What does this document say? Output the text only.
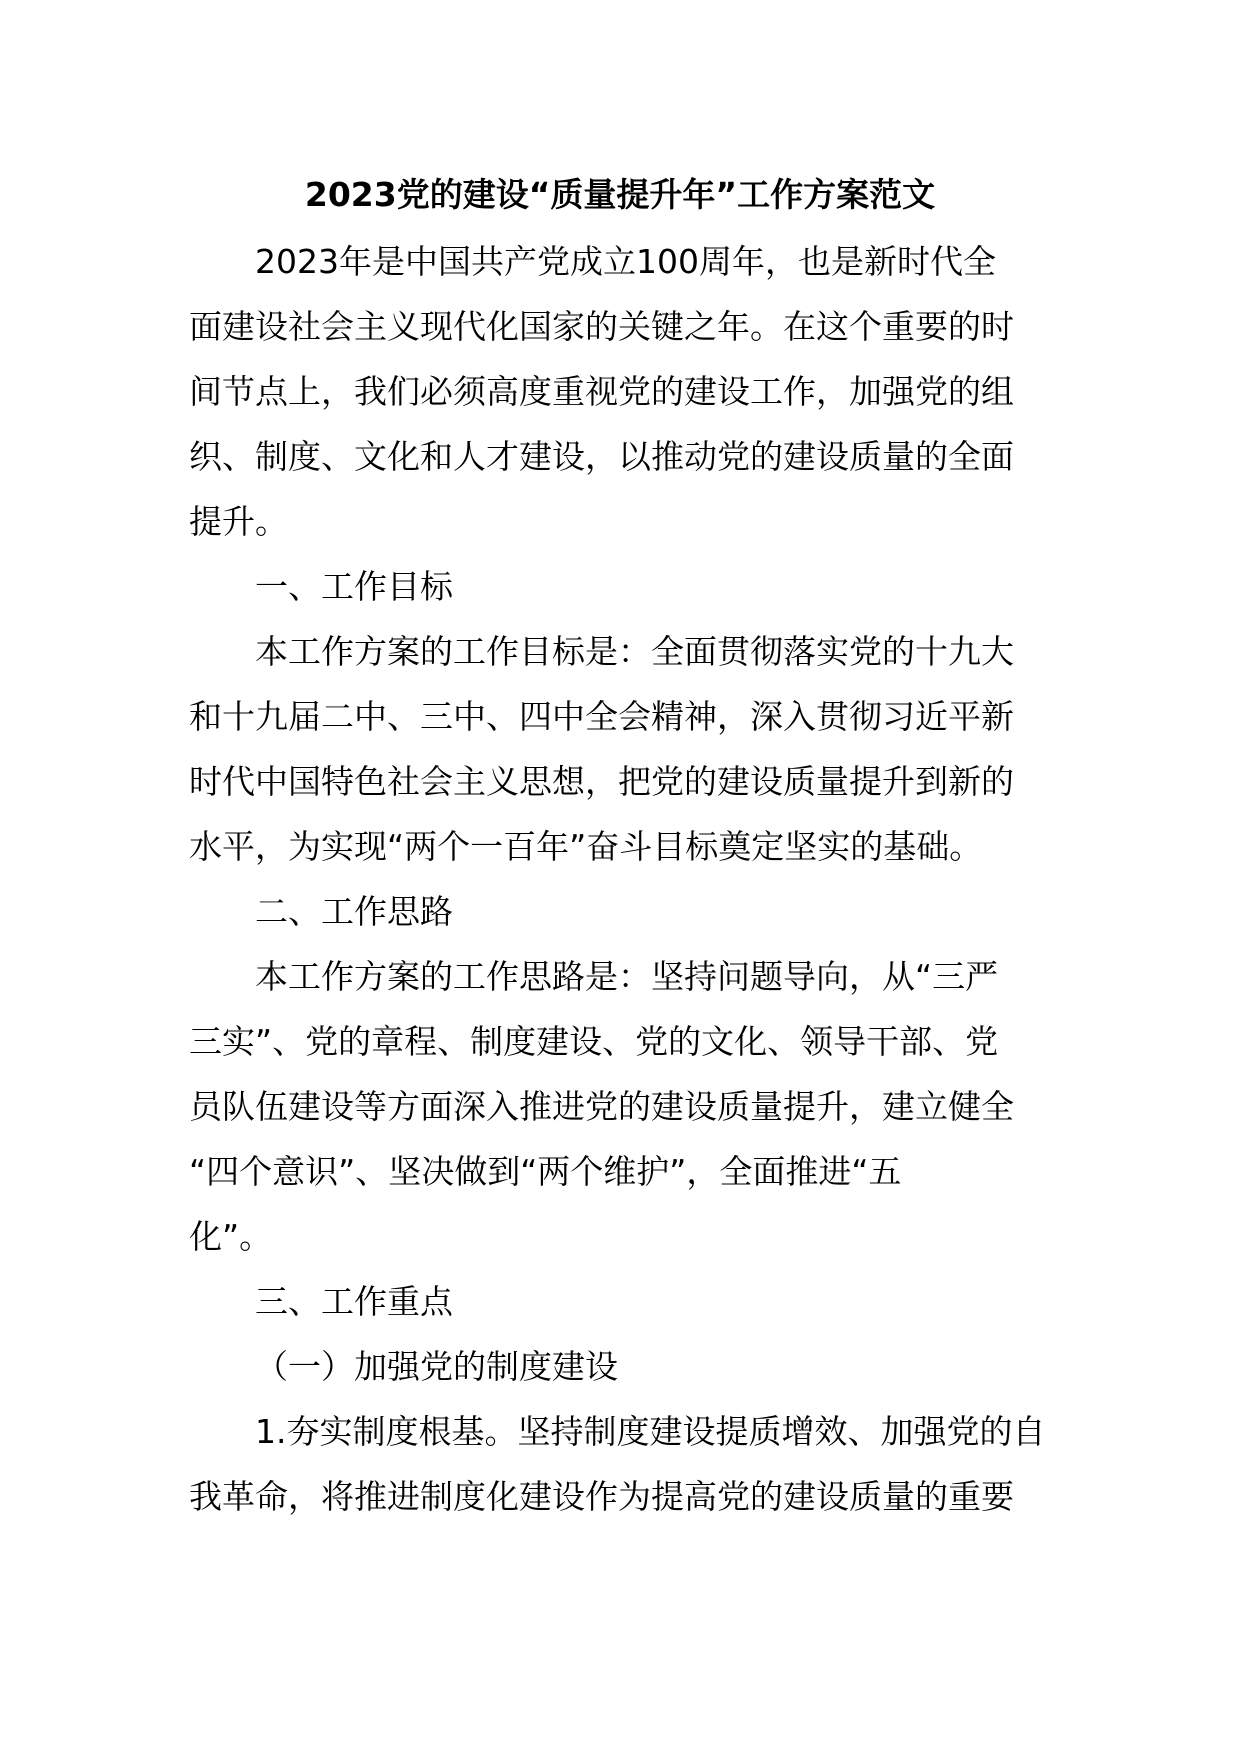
2023党的建设“质量提升年”工作方案范文
2023年是中国共产党成立100周年，也是新时代全
面建设社会主义现代化国家的关键之年。在这个重要的时
间节点上，我们必须高度重视党的建设工作，加强党的组
织、制度、文化和人才建设，以推动党的建设质量的全面
提升。
一、工作目标
本工作方案的工作目标是：全面贯彻落实党的十九大
和十九届二中、三中、四中全会精神，深入贯彻习近平新
时代中国特色社会主义思想，把党的建设质量提升到新的
水平，为实现“两个一百年”奋斗目标奠定坚实的基础。
二、工作思路
本工作方案的工作思路是：坚持问题导向，从“三严
三实”、党的章程、制度建设、党的文化、领导干部、党
员队伍建设等方面深入推进党的建设质量提升，建立健全
“四个意识”、坚决做到“两个维护”，全面推进“五
化”。
三、工作重点
（一）加强党的制度建设
1.夯实制度根基。坚持制度建设提质增效、加强党的自
我革命，将推进制度化建设作为提高党的建设质量的重要
